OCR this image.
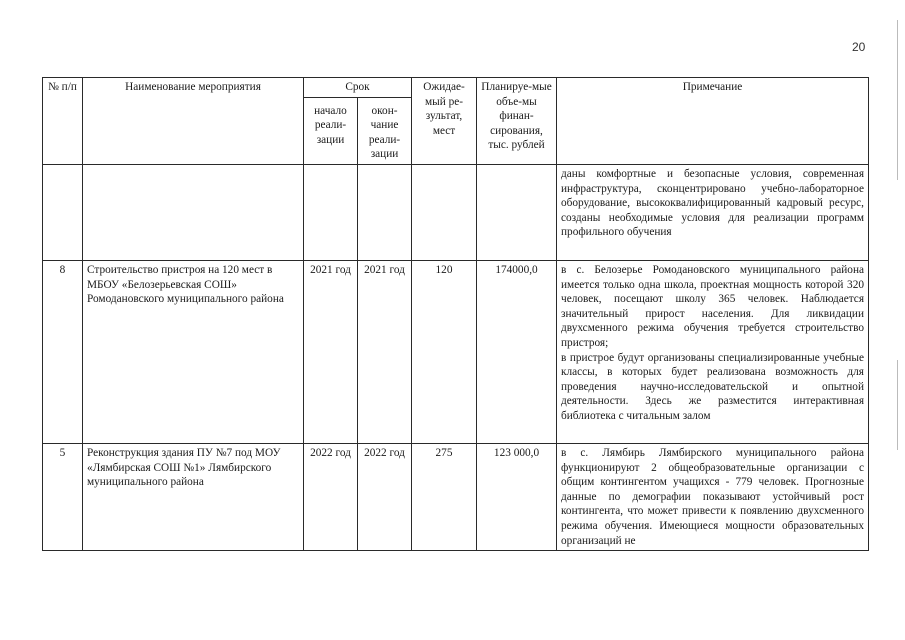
20
№ п/п	Наименование мероприятия	Срок		Ожидае-мый ре-зультат, мест	Планируе-мые объе-мы финан-сирования, тыс. рублей	Примечание
		начало реали-зации	окон-чание реали-зации			
						даны комфортные и безопасные условия, современная инфраструктура, сконцентрировано учебно-лабораторное оборудование, высококвалифицированный кадровый ресурс, созданы необходимые условия для реализации программ профильного обучения
8	Строительство пристроя на 120 мест в МБОУ «Белозерьевская СОШ» Ромодановского муниципального района	2021 год	2021 год	120	174000,0	в с. Белозерье Ромодановского муниципального района имеется только одна школа, проектная мощность которой 320 человек, посещают школу 365 человек. Наблюдается значительный прирост населения. Для ликвидации двухсменного режима обучения требуется строительство пристроя;
в пристрое будут организованы специализированные учебные классы, в которых будет реализована возможность для проведения научно-исследовательской и опытной деятельности. Здесь же разместится интерактивная библиотека с читальным залом

5	Реконструкция здания ПУ №7 под МОУ «Лямбирская СОШ №1» Лямбирского муниципального района	2022 год	2022 год	275	123 000,0	в с. Лямбирь Лямбирского муниципального района функционируют 2 общеобразовательные организации с общим контингентом учащихся - 779 человек. Прогнозные данные по демографии показывают устойчивый рост контингента, что может привести к появлению двухсменного режима обучения. Имеющиеся мощности образовательных организаций не
